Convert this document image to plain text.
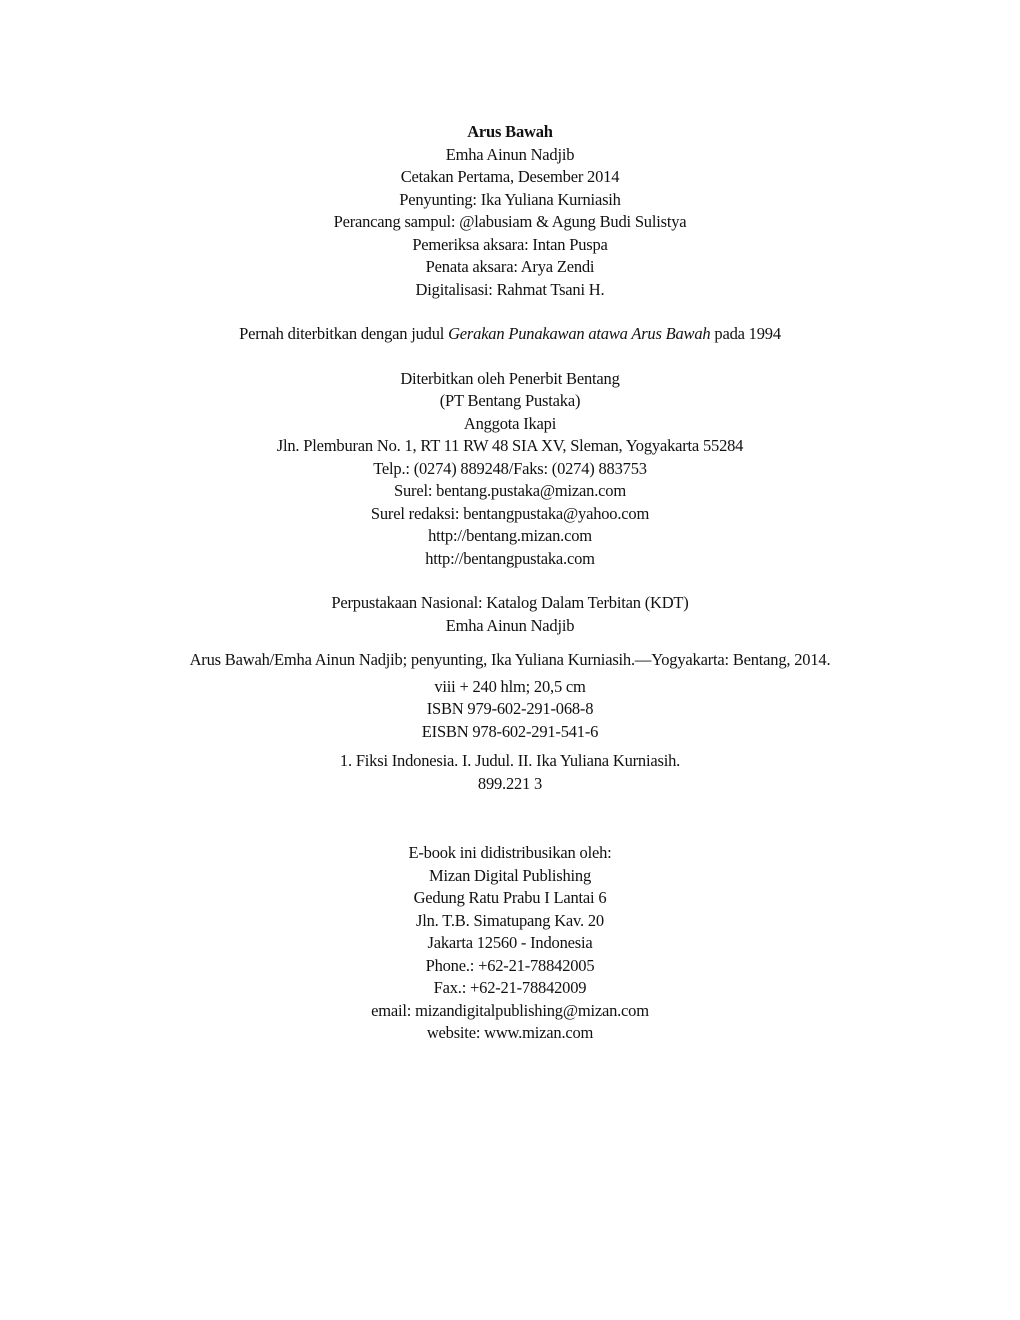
Arus Bawah
Emha Ainun Nadjib
Cetakan Pertama, Desember 2014
Penyunting: Ika Yuliana Kurniasih
Perancang sampul: @labusiam & Agung Budi Sulistya
Pemeriksa aksara: Intan Puspa
Penata aksara: Arya Zendi
Digitalisasi: Rahmat Tsani H.
Pernah diterbitkan dengan judul Gerakan Punakawan atawa Arus Bawah pada 1994
Diterbitkan oleh Penerbit Bentang
(PT Bentang Pustaka)
Anggota Ikapi
Jln. Plemburan No. 1, RT 11 RW 48 SIA XV, Sleman, Yogyakarta 55284
Telp.: (0274) 889248/Faks: (0274) 883753
Surel: bentang.pustaka@mizan.com
Surel redaksi: bentangpustaka@yahoo.com
http://bentang.mizan.com
http://bentangpustaka.com
Perpustakaan Nasional: Katalog Dalam Terbitan (KDT)
Emha Ainun Nadjib
Arus Bawah/Emha Ainun Nadjib; penyunting, Ika Yuliana Kurniasih.—Yogyakarta: Bentang, 2014.
viii + 240 hlm; 20,5 cm
ISBN 979-602-291-068-8
EISBN 978-602-291-541-6
1. Fiksi Indonesia. I. Judul. II. Ika Yuliana Kurniasih.
899.221 3
E-book ini didistribusikan oleh:
Mizan Digital Publishing
Gedung Ratu Prabu I Lantai 6
Jln. T.B. Simatupang Kav. 20
Jakarta 12560 - Indonesia
Phone.: +62-21-78842005
Fax.: +62-21-78842009
email: mizandigitalpublishing@mizan.com
website: www.mizan.com
